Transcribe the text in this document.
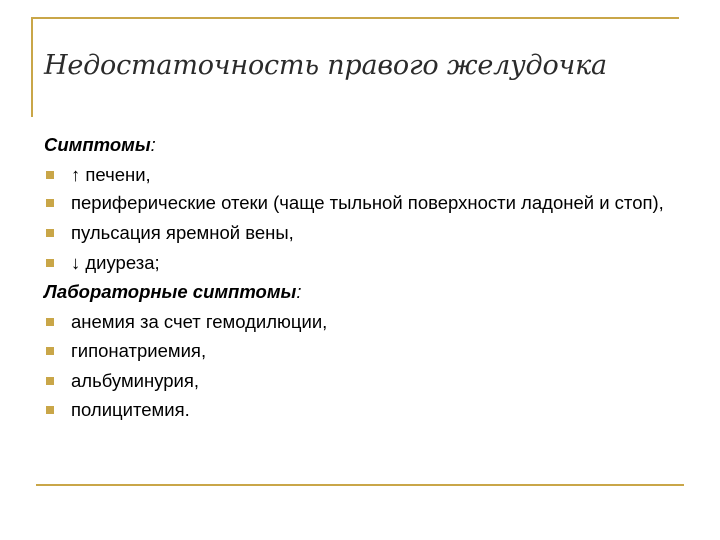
Недостаточность правого желудочка
Симптомы:
↑ печени,
периферические отеки (чаще тыльной поверхности ладоней и стоп),
пульсация яремной вены,
↓ диуреза;
Лабораторные симптомы:
анемия за счет гемодилюции,
гипонатриемия,
альбуминурия,
полицитемия.
